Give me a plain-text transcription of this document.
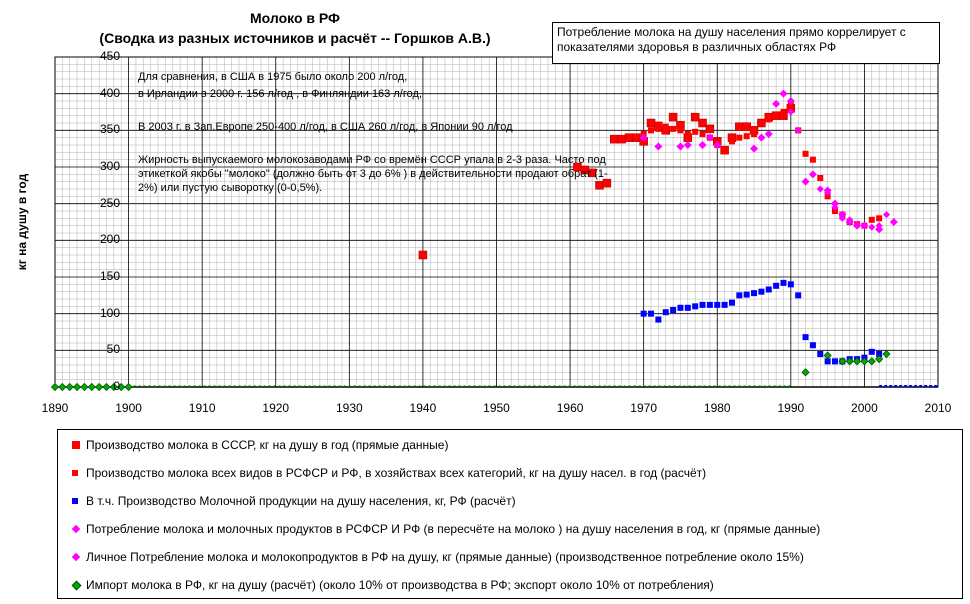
Молоко в РФ
(Сводка из разных источников и расчёт -- Горшков А.В.)	Потребление молока на душу населения прямо коррелирует с показателями здоровья в различных областях РФ
Для сравнения, в США в 1975 было около 200 л/год,
в Ирландии в 2000 г. 156 л/год , в Финляндии 163 л/год,
В 2003 г. в Зап.Европе 250-400 л/год, в США 260 л/год, в Японии 90 л/год
Жирность выпускаемого молокозаводами РФ со времён СССР упала в 2-3 раза. Часто под этикеткой якобы "молоко" (должно быть от 3 до 6% ) в действительности продают обрат (1-2%) или пустую сыворотку (0-0,5%).
кг на душу в год
0
50
100
150
200
250
300
350
400
450
1890	1900	1910	1920	1930	1940	1950	1960	1970	1980	1990	2000	2010
Производство молока в СССР, кг на душу в год (прямые данные)
Производство молока всех видов в РСФСР и РФ, в хозяйствах всех категорий, кг на душу насел. в год (расчёт)
В т.ч. Производство Молочной продукции на душу населения, кг, РФ (расчёт)
Потребление молока и молочных продуктов в РСФСР И РФ (в пересчёте на молоко ) на душу населения в год, кг (прямые данные)
Личное Потребление молока и молокопродуктов в РФ на душу, кг (прямые данные) (производственное потребление около 15%)
Импорт молока в РФ, кг на душу (расчёт) (около 10% от производства в РФ; экспорт около 10% от потребления)
